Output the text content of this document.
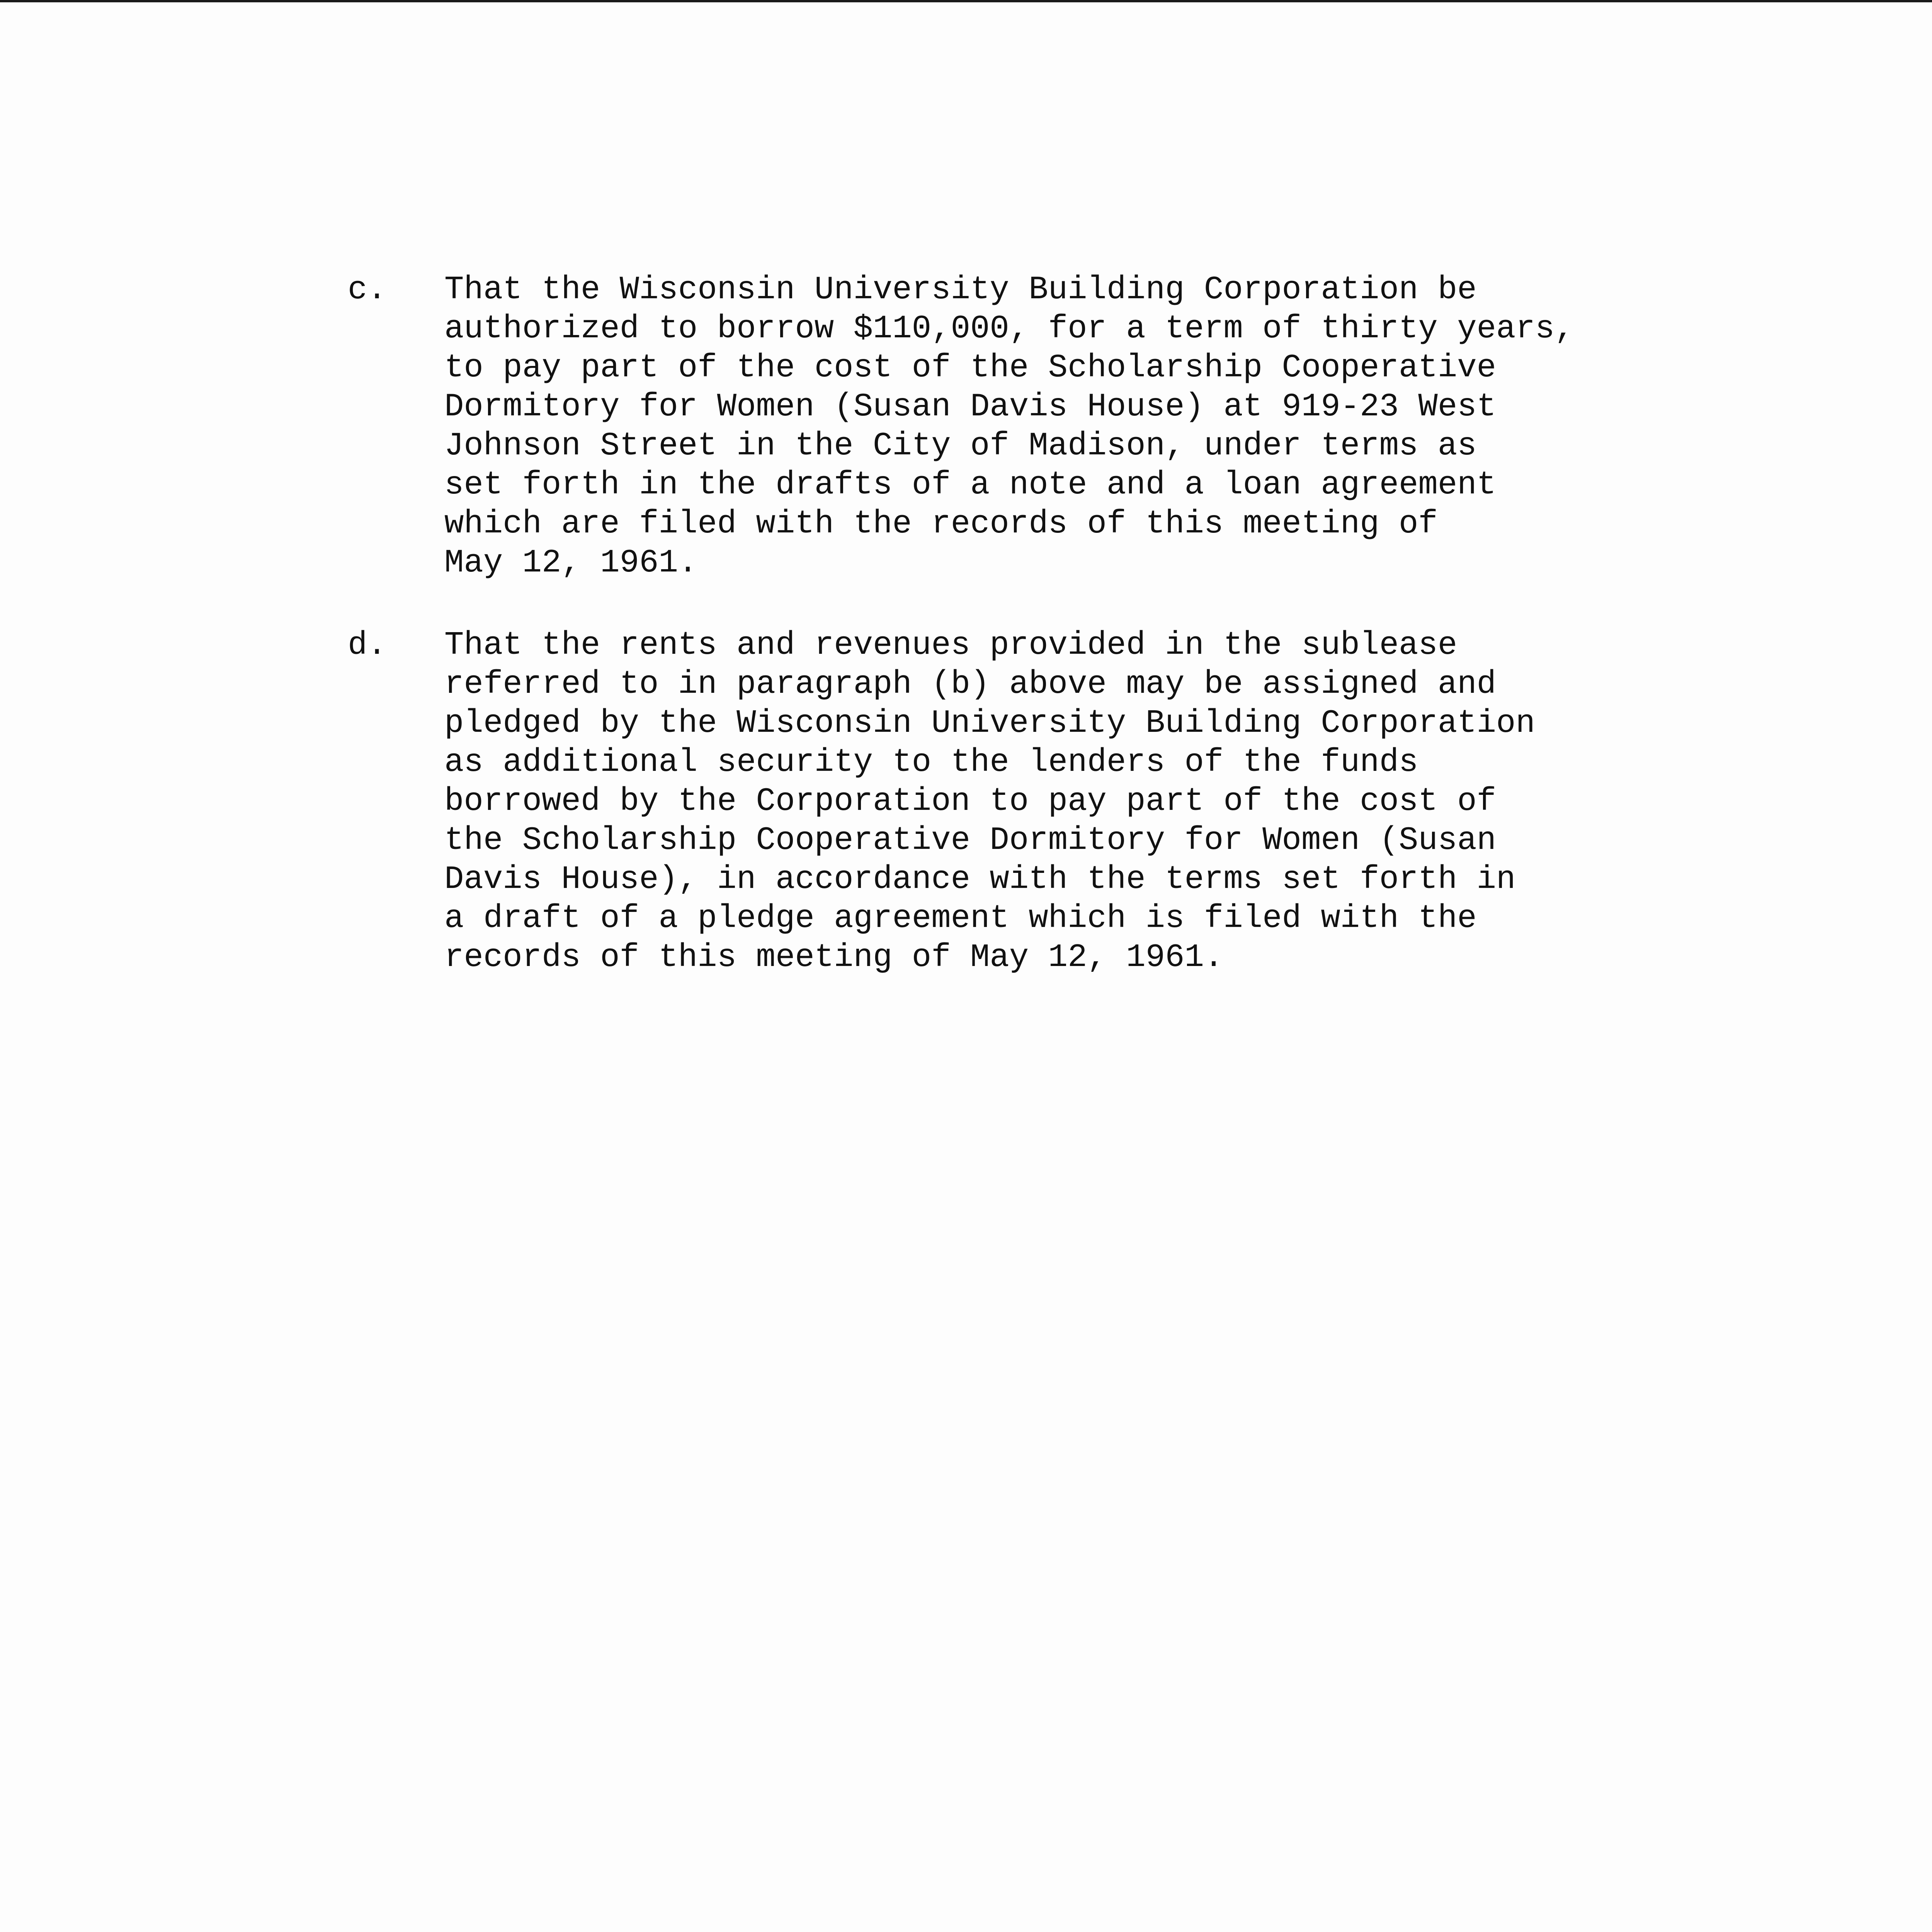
c.	That the Wisconsin University Building Corporation be
authorized to borrow $110,000, for a term of thirty years,
to pay part of the cost of the Scholarship Cooperative
Dormitory for Women (Susan Davis House) at 919-23 West
Johnson Street in the City of Madison, under terms as
set forth in the drafts of a note and a loan agreement
which are filed with the records of this meeting of
May 12, 1961.
d.	That the rents and revenues provided in the sublease
referred to in paragraph (b) above may be assigned and
pledged by the Wisconsin University Building Corporation
as additional security to the lenders of the funds
borrowed by the Corporation to pay part of the cost of
the Scholarship Cooperative Dormitory for Women (Susan
Davis House), in accordance with the terms set forth in
a draft of a pledge agreement which is filed with the
records of this meeting of May 12, 1961.
